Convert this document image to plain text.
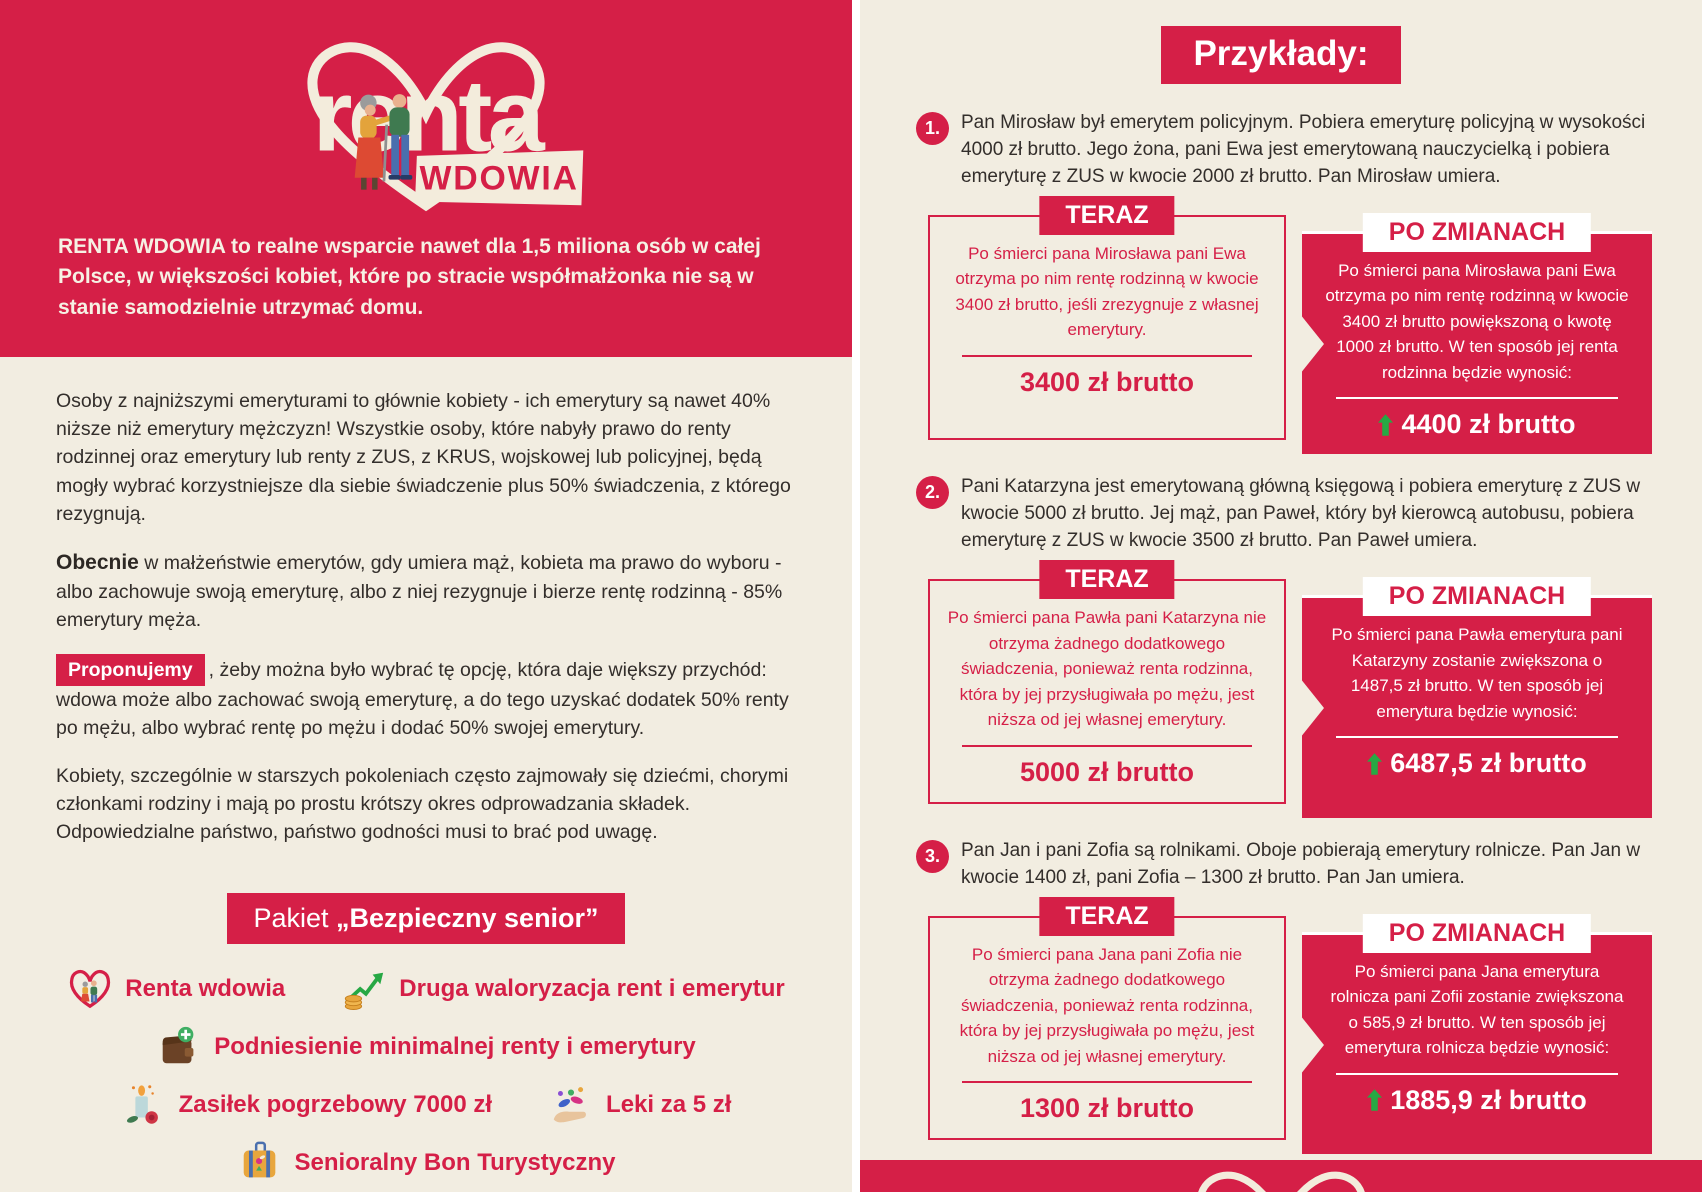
RENTA WDOWIA to realne wsparcie nawet dla 1,5 miliona osób w całej Polsce, w większości kobiet, które po stracie współmałżonka nie są w stanie samodzielnie utrzymać domu.

Osoby z najniższymi emeryturami to głównie kobiety - ich emerytury są nawet 40% niższe niż emerytury mężczyzn! Wszystkie osoby, które nabyły prawo do renty rodzinnej oraz emerytury lub renty z ZUS, z KRUS, wojskowej lub policyjnej, będą mogły wybrać korzystniejsze dla siebie świadczenie plus 50% świadczenia, z którego rezygnują.

Obecnie w małżeństwie emerytów, gdy umiera mąż, kobieta ma prawo do wyboru - albo zachowuje swoją emeryturę, albo z niej rezygnuje i bierze rentę rodzinną - 85% emerytury męża.

Proponujemy , żeby można było wybrać tę opcję, która daje większy przychód: wdowa może albo zachować swoją emeryturę, a do tego uzyskać dodatek 50% renty po mężu, albo wybrać rentę po mężu i dodać 50% swojej emerytury.

Kobiety, szczególnie w starszych pokoleniach często zajmowały się dziećmi, chorymi członkami rodziny i mają po prostu krótszy okres odprowadzania składek. Odpowiedzialne państwo, państwo godności musi to brać pod uwagę.

Pakiet „Bezpieczny senior”
Renta wdowia	Druga waloryzacja rent i emerytur
Podniesienie minimalnej renty i emerytury
Zasiłek pogrzebowy 7000 zł	Leki za 5 zł
Senioralny Bon Turystyczny
Przykłady:
1.	Pan Mirosław był emerytem policyjnym. Pobiera emeryturę policyjną w wysokości 4000 zł brutto. Jego żona, pani Ewa jest emerytowaną nauczycielką i pobiera emeryturę z ZUS w kwocie 2000 zł brutto. Pan Mirosław umiera.
TERAZ

Po śmierci pana Mirosława pani Ewa otrzyma po nim rentę rodzinną w kwocie 3400 zł brutto, jeśli zrezygnuje z własnej emerytury.

3400 zł brutto
PO ZMIANACH

Po śmierci pana Mirosława pani Ewa otrzyma po nim rentę rodzinną w kwocie 3400 zł brutto powiększoną o kwotę 1000 zł brutto. W ten sposób jej renta rodzinna będzie wynosić:

4400 zł brutto
2.	Pani Katarzyna jest emerytowaną główną księgową i pobiera emeryturę z ZUS w kwocie 5000 zł brutto. Jej mąż, pan Paweł, który był kierowcą autobusu, pobiera emeryturę z ZUS w kwocie 3500 zł brutto. Pan Paweł umiera.
TERAZ

Po śmierci pana Pawła pani Katarzyna nie otrzyma żadnego dodatkowego świadczenia, ponieważ renta rodzinna, która by jej przysługiwała po mężu, jest niższa od jej własnej emerytury.

5000 zł brutto
PO ZMIANACH

Po śmierci pana Pawła emerytura pani Katarzyny zostanie zwiększona o 1487,5 zł brutto. W ten sposób jej emerytura będzie wynosić:

6487,5 zł brutto
3.	Pan Jan i pani Zofia są rolnikami. Oboje pobierają emerytury rolnicze. Pan Jan w kwocie 1400 zł, pani Zofia – 1300 zł brutto. Pan Jan umiera.
TERAZ

Po śmierci pana Jana pani Zofia nie otrzyma żadnego dodatkowego świadczenia, ponieważ renta rodzinna, która by jej przysługiwała po mężu, jest niższa od jej własnej emerytury.

1300 zł brutto
PO ZMIANACH

Po śmierci pana Jana emerytura rolnicza pani Zofii zostanie zwiększona o 585,9 zł brutto. W ten sposób jej emerytura rolnicza będzie wynosić:

1885,9 zł brutto
